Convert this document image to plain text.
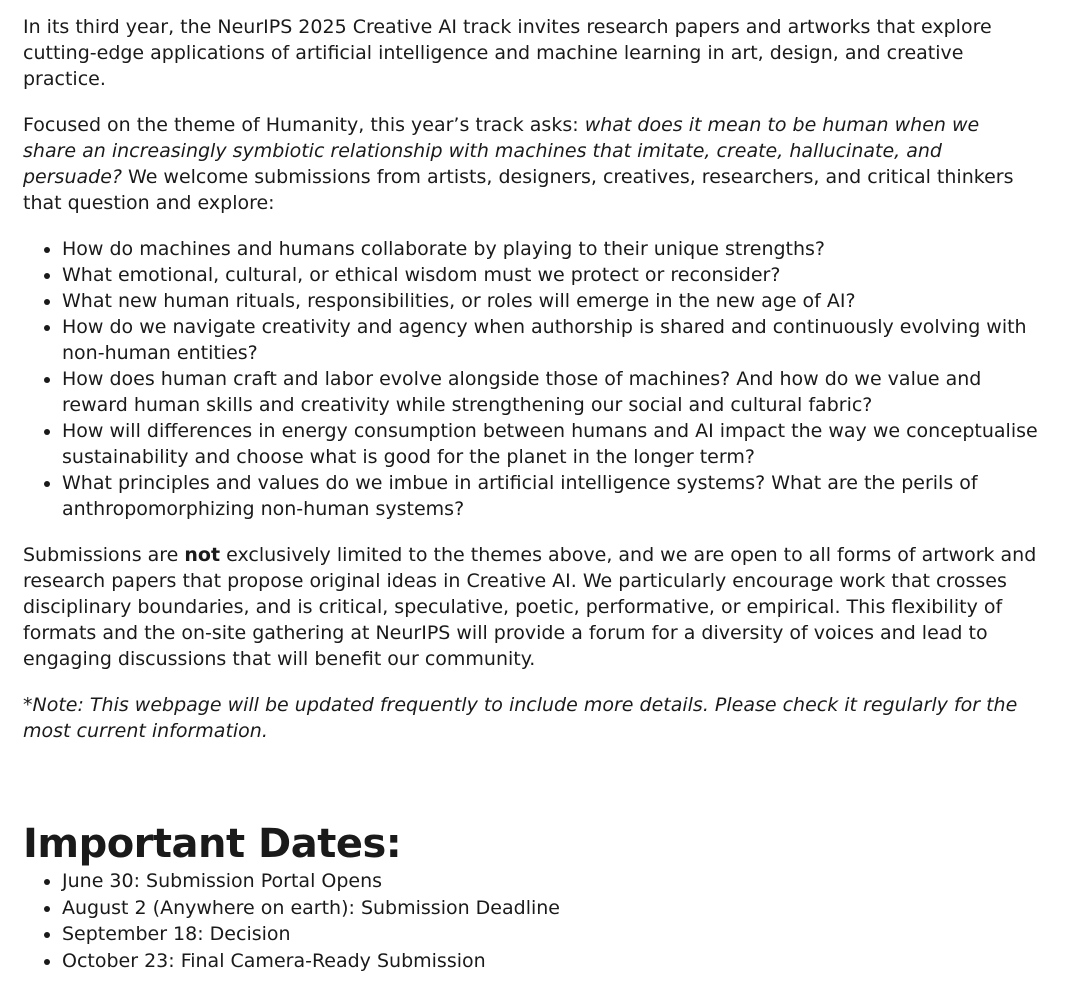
In its third year, the NeurIPS 2025 Creative AI track invites research papers and artworks that explore cutting-edge applications of artificial intelligence and machine learning in art, design, and creative practice.

Focused on the theme of Humanity, this year’s track asks: what does it mean to be human when we share an increasingly symbiotic relationship with machines that imitate, create, hallucinate, and persuade? We welcome submissions from artists, designers, creatives, researchers, and critical thinkers that question and explore:

• How do machines and humans collaborate by playing to their unique strengths?
• What emotional, cultural, or ethical wisdom must we protect or reconsider?
• What new human rituals, responsibilities, or roles will emerge in the new age of AI?
• How do we navigate creativity and agency when authorship is shared and continuously evolving with non-human entities?
• How does human craft and labor evolve alongside those of machines? And how do we value and reward human skills and creativity while strengthening our social and cultural fabric?
• How will differences in energy consumption between humans and AI impact the way we conceptualise sustainability and choose what is good for the planet in the longer term?
• What principles and values do we imbue in artificial intelligence systems? What are the perils of anthropomorphizing non-human systems?

Submissions are not exclusively limited to the themes above, and we are open to all forms of artwork and research papers that propose original ideas in Creative AI. We particularly encourage work that crosses disciplinary boundaries, and is critical, speculative, poetic, performative, or empirical. This flexibility of formats and the on-site gathering at NeurIPS will provide a forum for a diversity of voices and lead to engaging discussions that will benefit our community.

*Note: This webpage will be updated frequently to include more details. Please check it regularly for the most current information.

Important Dates:
• June 30: Submission Portal Opens
• August 2 (Anywhere on earth): Submission Deadline
• September 18: Decision
• October 23: Final Camera-Ready Submission
